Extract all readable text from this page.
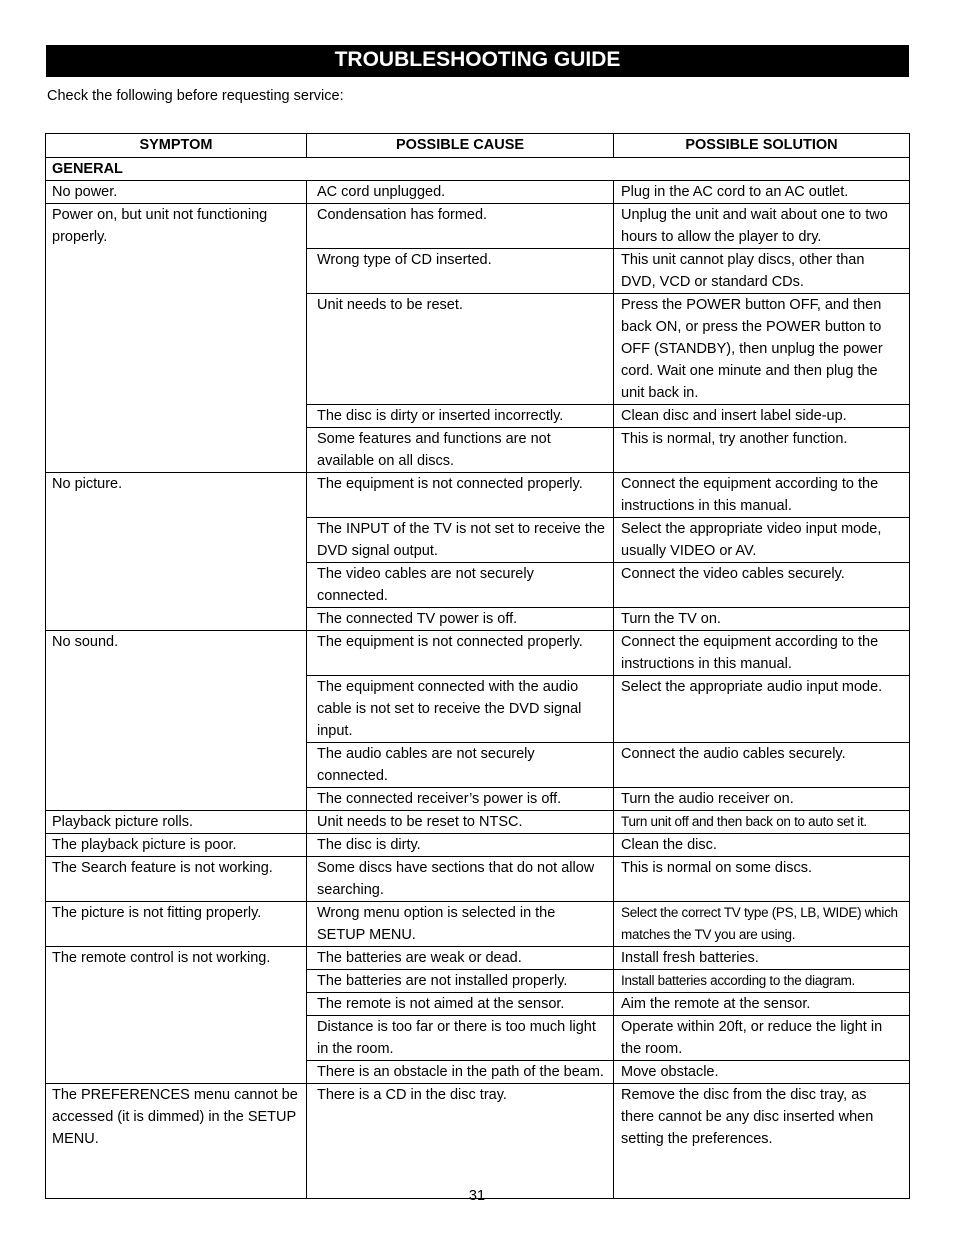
TROUBLESHOOTING GUIDE
Check the following before requesting service:
SYMPTOM	POSSIBLE CAUSE	POSSIBLE SOLUTION
GENERAL		
No power.	AC cord unplugged.	Plug in the AC cord to an AC outlet.
Power on, but unit not functioning properly.	Condensation has formed.	Unplug the unit and wait about one to two hours to allow the player to dry.
	Wrong type of CD inserted.	This unit cannot play discs, other than DVD, VCD or standard CDs.
	Unit needs to be reset.	Press the POWER button OFF, and then back ON, or press the POWER button to OFF (STANDBY), then unplug the power cord. Wait one minute and then plug the unit back in.
	The disc is dirty or inserted incorrectly.	Clean disc and insert label side-up.
	Some features and functions are not available on all discs.	This is normal, try another function.
No picture.	The equipment is not connected properly.	Connect the equipment according to the instructions in this manual.
	The INPUT of the TV is not set to receive the DVD signal output.	Select the appropriate video input mode, usually VIDEO or AV.
	The video cables are not securely connected.	Connect the video cables securely.
	The connected TV power is off.	Turn the TV on.
No sound.	The equipment is not connected properly.	Connect the equipment according to the instructions in this manual.
	The equipment connected with the audio cable is not set to receive the DVD signal input.	Select the appropriate audio input mode.
	The audio cables are not securely connected.	Connect the audio cables securely.
	The connected receiver’s power is off.	Turn the audio receiver on.
Playback picture rolls.	Unit needs to be reset to NTSC.	Turn unit off and then back on to auto set it.
The playback picture is poor.	The disc is dirty.	Clean the disc.
The Search feature is not working.	Some discs have sections that do not allow searching.	This is normal on some discs.
The picture is not fitting properly.	Wrong menu option is selected in the SETUP MENU.	Select the correct TV type (PS, LB, WIDE) which matches the TV you are using.
The remote control is not working.	The batteries are weak or dead.	Install fresh batteries.
	The batteries are not installed properly.	Install batteries according to the diagram.
	The remote is not aimed at the sensor.	Aim the remote at the sensor.
	Distance is too far or there is too much light in the room.	Operate within 20ft, or reduce the light in the room.
	There is an obstacle in the path of the beam.	Move obstacle.
The PREFERENCES menu cannot be accessed (it is dimmed) in the SETUP MENU.	There is a CD in the disc tray.	Remove the disc from the disc tray, as there cannot be any disc inserted when setting the preferences.
31
